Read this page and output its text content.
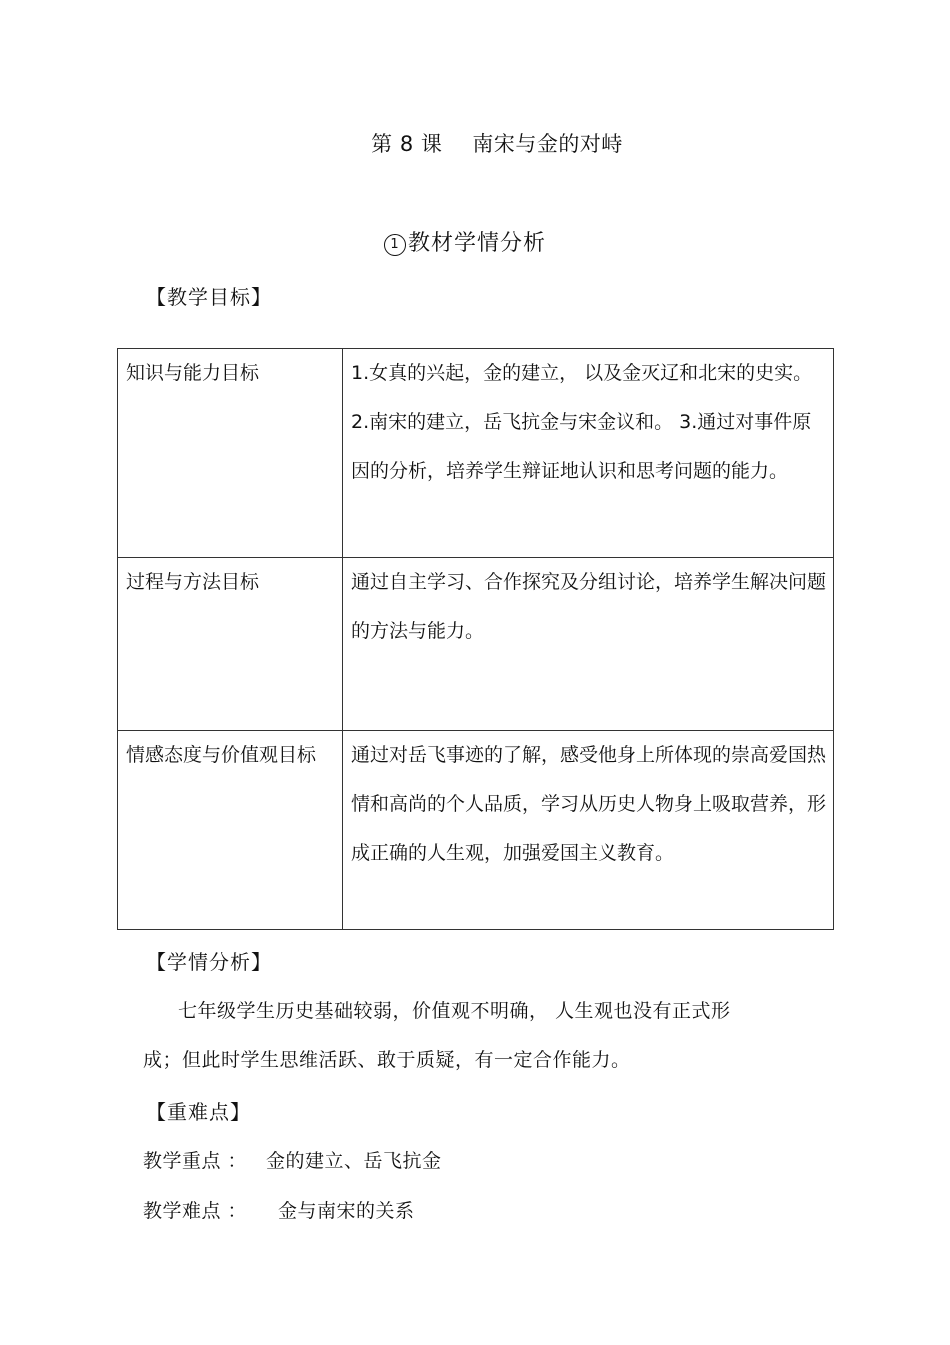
第 8 课 南宋与金的对峙
1 教材学情分析
【教学目标】
知识与能力目标	1.女真的兴起，金的建立， 以及金灭辽和北宋的史实。2.南宋的建立，岳飞抗金与宋金议和。 3.通过对事件原因的分析，培养学生辩证地认识和思考问题的能力。
过程与方法目标	通过自主学习、合作探究及分组讨论，培养学生解决问题的方法与能力。
情感态度与价值观目标	通过对岳飞事迹的了解，感受他身上所体现的崇高爱国热情和高尚的个人品质，学习从历史人物身上吸取营养，形成正确的人生观，加强爱国主义教育。
【学情分析】
七年级学生历史基础较弱，价值观不明确， 人生观也没有正式形
成；但此时学生思维活跃、敢于质疑，有一定合作能力。
【重难点】
教学重点 ： 金的建立、岳飞抗金
教学难点 ： 金与南宋的关系
